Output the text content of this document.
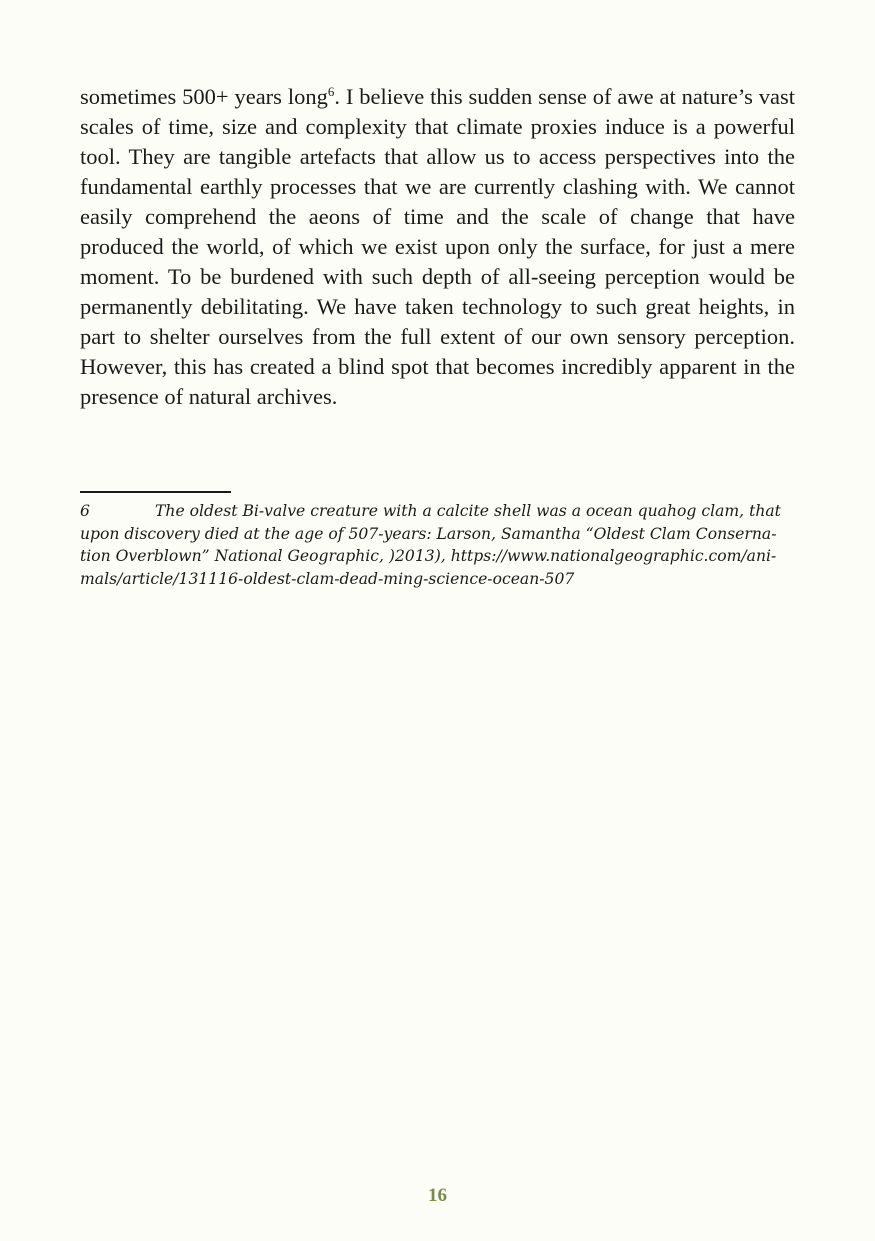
sometimes 500+ years long$^6$. I believe this sudden sense of awe at nature’s vast scales of time, size and complexity that climate proxies induce is a powerful tool. They are tangible artefacts that allow us to access perspectives into the fundamental earthly processes that we are currently clashing with. We cannot easily comprehend the aeons of time and the scale of change that have produced the world, of which we exist upon only the surface, for just a mere moment. To be burdened with such depth of all-seeing perception would be permanently debilitating. We have taken technology to such great heights, in part to shelter ourselves from the full extent of our own sensory perception. However, this has created a blind spot that becomes incredibly apparent in the presence of natural archives.

6	The oldest Bi-valve creature with a calcite shell was a ocean quahog clam, that upon discovery died at the age of 507-years: Larson, Samantha “Oldest Clam Consernation Overblown” National Geographic, )2013), https://www.nationalgeographic.com/animals/article/131116-oldest-clam-dead-ming-science-ocean-507

16
